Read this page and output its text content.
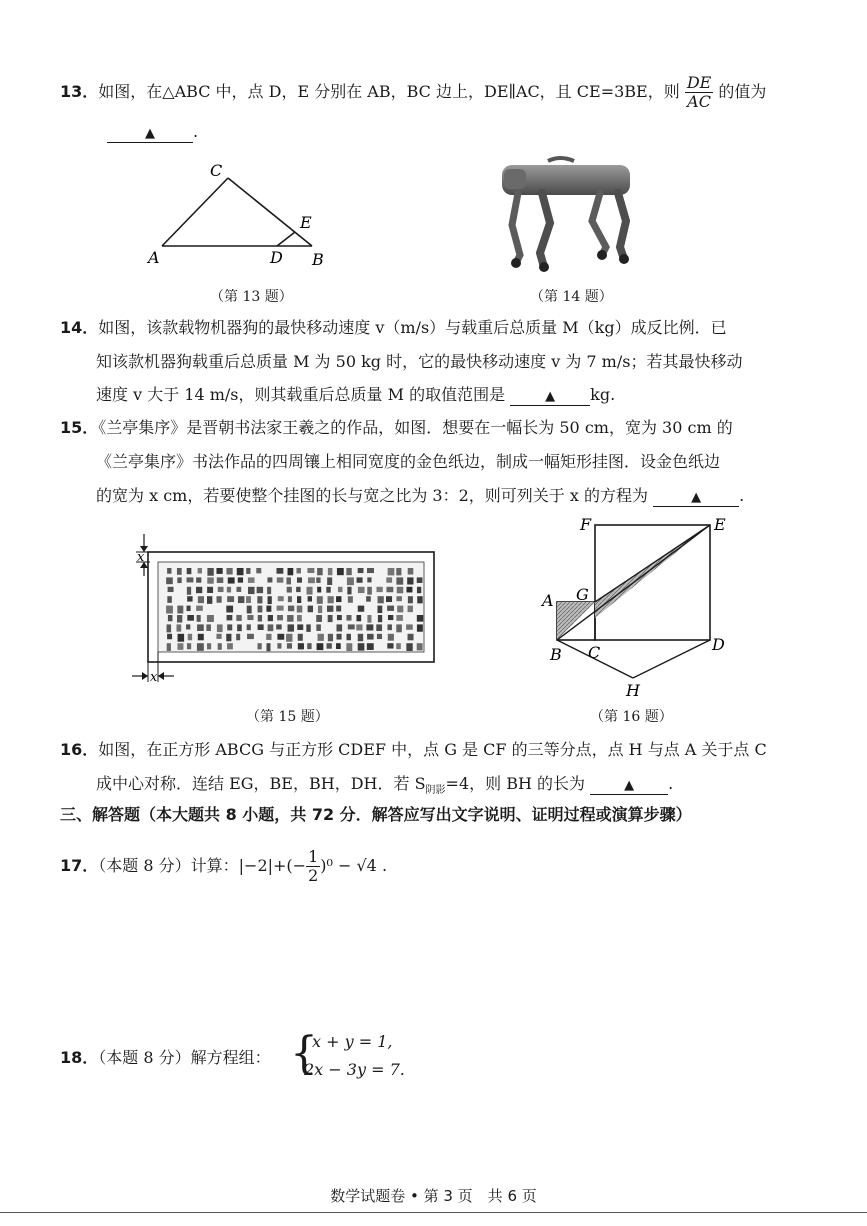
13．如图，在△ABC 中，点 D，E 分别在 AB，BC 边上，DE∥AC，且 CE=3BE，则 $\frac{DE}{AC}$ 的值为
▲ .
C
A	D B
E
（第 13 题）	（第 14 题）
14．如图，该款载物机器狗的最快移动速度 v（m/s）与载重后总质量 M（kg）成反比例．已
知该款机器狗载重后总质量 M 为 50 kg 时，它的最快移动速度 v 为 7 m/s；若其最快移动
速度 v 大于 14 m/s，则其载重后总质量 M 的取值范围是	▲ kg.
15．《兰亭集序》是晋朝书法家王羲之的作品，如图．想要在一幅长为 50 cm，宽为 30 cm 的
《兰亭集序》书法作品的四周镶上相同宽度的金色纸边，制成一幅矩形挂图．设金色纸边
的宽为 x cm，若要使整个挂图的长与宽之比为 3：2，则可列关于 x 的方程为	▲ .
x
x
（第 15 题）
F	E
A G
B C	D
H
（第 16 题）
16．如图，在正方形 ABCG 与正方形 CDEF 中，点 G 是 CF 的三等分点，点 H 与点 A 关于点 C
成中心对称．连结 EG，BE，BH，DH．若 $S_{阴影}=4$，则 BH 的长为	▲ .
三、解答题（本大题共 8 小题，共 72 分．解答应写出文字说明、证明过程或演算步骤）
17．（本题 8 分）计算：$|-2|+(- \frac{1}{2} )^0 - √4$ .
18．（本题 8 分）解方程组： {
x + y = 1,
2x − 3y = 7.
数学试题卷 • 第 3 页　共 6 页
